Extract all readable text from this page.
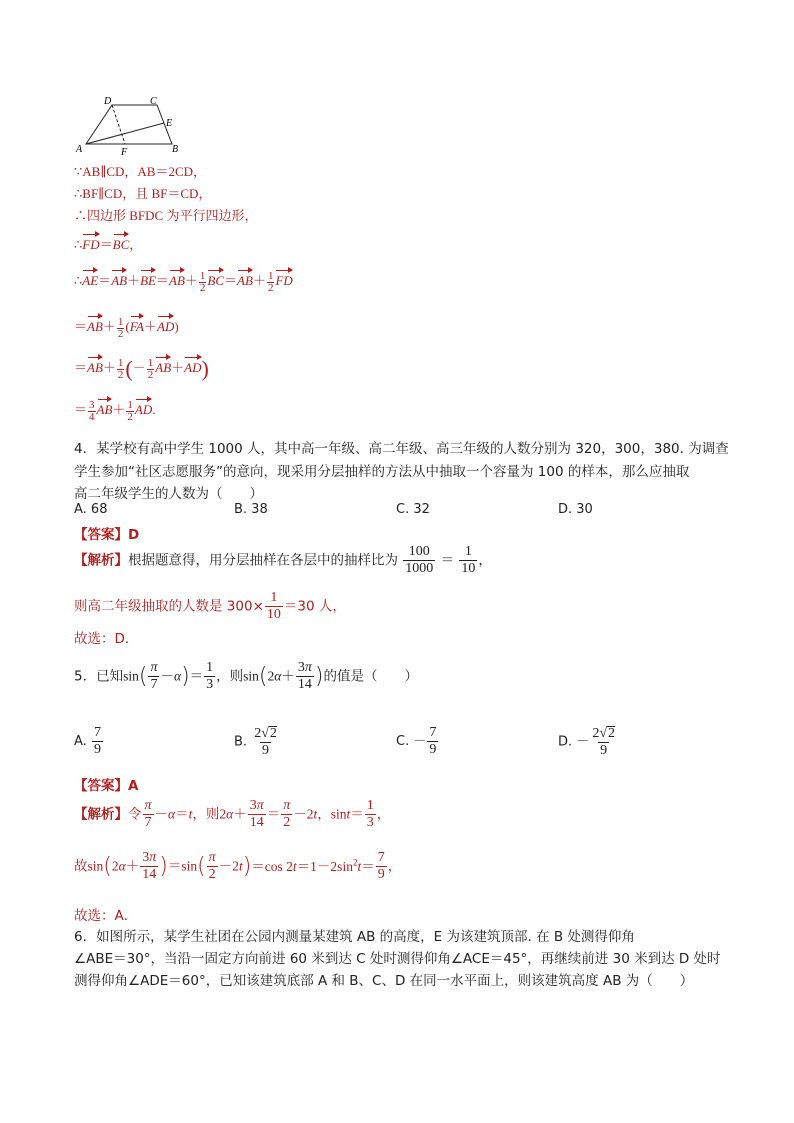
D	C
A	B
E
F
∵AB∥CD，AB＝2CD，
∴BF∥CD，且 BF＝CD，
∴四边形 BFDC 为平行四边形，
∴FD＝BC，
∴AE＝AB＋BE＝AB＋ $\frac{1}{2} BC=AB+ \frac{1}{2}$ FD
$=AB+ \frac{1}{2} (FA+AD)$
$=AB+ \frac{1}{2}$ (－ $\frac{1}{2} AB+AD$)
＝ $\frac{3}{4} AB+ \frac{1}{2}$ AD.
4．某学校有高中学生 1000 人，其中高一年级、高二年级、高三年级的人数分别为 320，300，380. 为调查
学生参加“社区志愿服务”的意向，现采用分层抽样的方法从中抽取一个容量为 100 的样本，那么应抽取
高二年级学生的人数为（　　）
A. 68	B. 38	C. 32	D. 30
【答案】D
【解析】根据题意得，用分层抽样在各层中的抽样比为 $\frac{100}{1000} = \frac{1}{10}$ ，
则高二年级抽取的人数是 $300\times \frac{1}{10} =30$ 人，
故选：D．
5．已知$\sin( \frac{\pi}{7} -\alpha)= \frac{1}{3}$ ，则$\sin(2\alpha+ \frac{3\pi}{14}$ )的值是（　　）
A. $\frac{7}{9}$	B. $\frac{2√2}{9}$	C. － $\frac{7}{9}$	D. － $\frac{2√2}{9}$
【答案】A
【解析】令 $\frac{\pi}{7} -\alpha=t$，则$2\alpha+ \frac{3\pi}{14} = \frac{\pi}{2} -2t$，$\sin t= \frac{1}{3}$ ，
故$\sin(2\alpha+ \frac{3\pi}{14} )=\sin( \frac{\pi}{2} -2t)=\cos$ $2t=1-2\sin^2t= \frac{7}{9}$ ，
故选：A．
6．如图所示，某学生社团在公园内测量某建筑 AB 的高度，E 为该建筑顶部. 在 B 处测得仰角
∠ABE＝30°，当沿一固定方向前进 60 米到达 C 处时测得仰角∠ACE＝45°，再继续前进 30 米到达 D 处时
测得仰角∠ADE＝60°，已知该建筑底部 A 和 B、C、D 在同一水平面上，则该建筑高度 AB 为（　　）
